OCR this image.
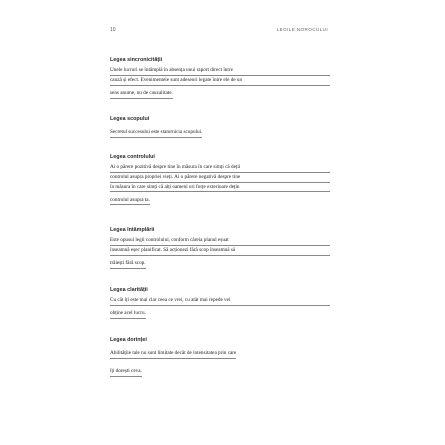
10	LEGILE NOROCULUI
Legea sincronicității
Unele lucruri se întâmplă în absența unui raport direct între
cauză și efect. Evenimentele sunt adeseori legate între ele de un
sens anume, nu de cauzalitate.
Legea scopului
Secretul succesului este statornicia scopului.
Legea controlului
Ai o părere pozitivă despre tine în măsura în care simți că deții
controlul asupra propriei vieți. Ai o părere negativă despre tine
în măsura în care simți că alți oameni ori forțe exterioare dețin
controlul asupra ta.
Legea întâmplării
Este opusul legii controlului, conform căreia planul eșuat
înseamnă eșec planificat. Să acționezi fără scop înseamnă să
trăiești fără scop.
Legea clarității
Cu cât îți este mai clar ceea ce vrei, cu atât mai repede vei
obține acel lucru.
Legea dorinței
Abilitățile tale nu sunt limitate decât de intensitatea prin care
îți dorești ceva.
